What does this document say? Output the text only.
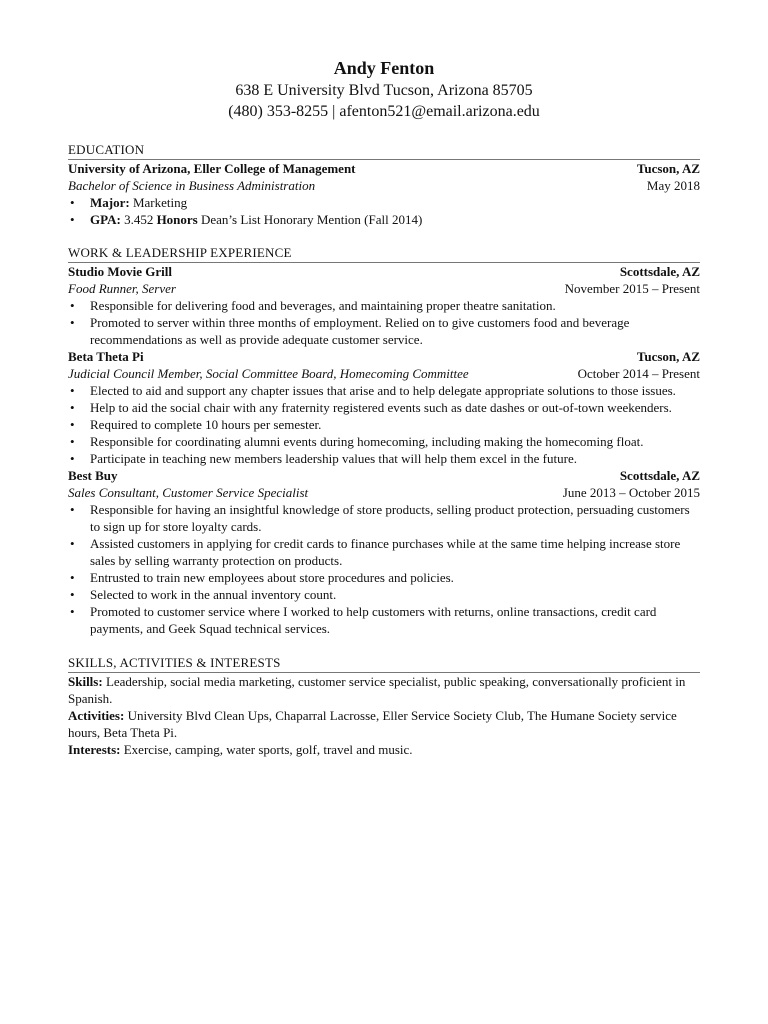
Andy Fenton
638 E University Blvd Tucson, Arizona 85705
(480) 353-8255 | afenton521@email.arizona.edu
EDUCATION
University of Arizona, Eller College of Management	Tucson, AZ
Bachelor of Science in Business Administration	May 2018
• Major: Marketing
• GPA: 3.452 Honors Dean’s List Honorary Mention (Fall 2014)
WORK & LEADERSHIP EXPERIENCE
Studio Movie Grill	Scottsdale, AZ
Food Runner, Server	November 2015 – Present
• Responsible for delivering food and beverages, and maintaining proper theatre sanitation.
• Promoted to server within three months of employment. Relied on to give customers food and beverage recommendations as well as provide adequate customer service.
Beta Theta Pi	Tucson, AZ
Judicial Council Member, Social Committee Board, Homecoming Committee	October 2014 – Present
• Elected to aid and support any chapter issues that arise and to help delegate appropriate solutions to those issues.
• Help to aid the social chair with any fraternity registered events such as date dashes or out-of-town weekenders.
• Required to complete 10 hours per semester.
• Responsible for coordinating alumni events during homecoming, including making the homecoming float.
• Participate in teaching new members leadership values that will help them excel in the future.
Best Buy	Scottsdale, AZ
Sales Consultant, Customer Service Specialist	June 2013 – October 2015
• Responsible for having an insightful knowledge of store products, selling product protection, persuading customers to sign up for store loyalty cards.
• Assisted customers in applying for credit cards to finance purchases while at the same time helping increase store sales by selling warranty protection on products.
• Entrusted to train new employees about store procedures and policies.
• Selected to work in the annual inventory count.
• Promoted to customer service where I worked to help customers with returns, online transactions, credit card payments, and Geek Squad technical services.
SKILLS, ACTIVITIES & INTERESTS
Skills: Leadership, social media marketing, customer service specialist, public speaking, conversationally proficient in Spanish.
Activities: University Blvd Clean Ups, Chaparral Lacrosse, Eller Service Society Club, The Humane Society service hours, Beta Theta Pi.
Interests: Exercise, camping, water sports, golf, travel and music.
